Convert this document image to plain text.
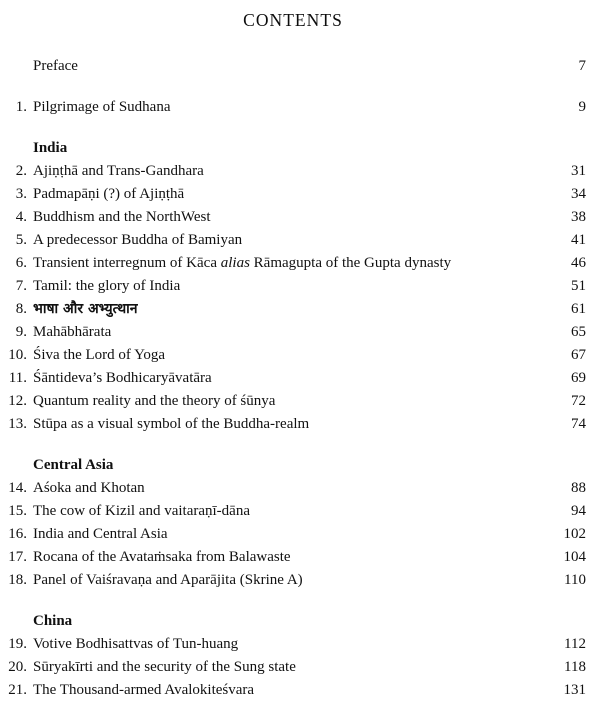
CONTENTS
Preface	7
1. Pilgrimage of Sudhana	9
India
2. Ajiṇṭhā and Trans-Gandhara	31
3. Padmapāṇi (?) of Ajiṇṭhā	34
4. Buddhism and the NorthWest	38
5. A predecessor Buddha of Bamiyan	41
6. Transient interregnum of Kāca alias Rāmagupta of the Gupta dynasty	46
7. Tamil: the glory of India	51
8. भाषा और अभ्युत्थान	61
9. Mahābhārata	65
10. Śiva the Lord of Yoga	67
11. Śāntideva’s Bodhicaryāvatāra	69
12. Quantum reality and the theory of śūnya	72
13. Stūpa as a visual symbol of the Buddha-realm	74
Central Asia
14. Aśoka and Khotan	88
15. The cow of Kizil and vaitaraṇī-dāna	94
16. India and Central Asia	102
17. Rocana of the Avataṁsaka from Balawaste	104
18. Panel of Vaiśravaṇa and Aparājita (Skrine A)	110
China
19. Votive Bodhisattvas of Tun-huang	112
20. Sūryakīrti and the security of the Sung state	118
21. The Thousand-armed Avalokiteśvara	131
